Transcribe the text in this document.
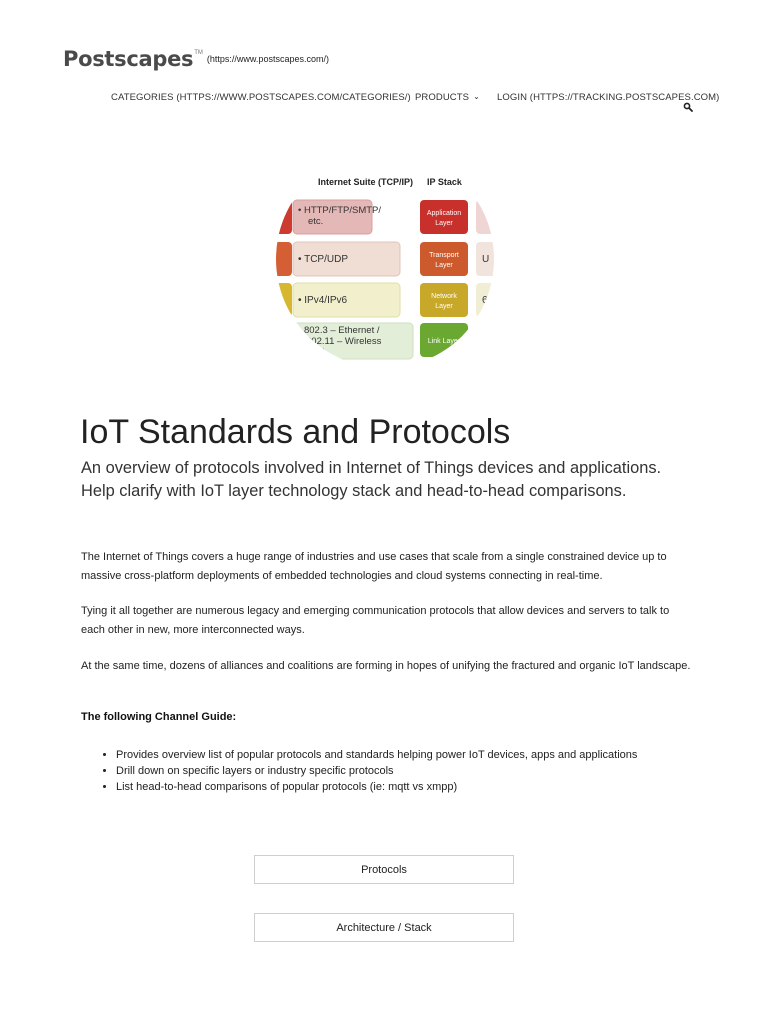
Postscapes TM
(https://www.postscapes.com/)
CATEGORIES (HTTPS://WWW.POSTSCAPES.COM/CATEGORIES/) PRODUCTS ⌄ LOGIN (HTTPS://TRACKING.POSTSCAPES.COM)
Internet Suite (TCP/IP) IP Stack
• HTTP/FTP/SMTP/
etc.
• TCP/UDP
• IPv4/IPv6
• 802.3 – Ethernet /
802.11 – Wireless
LAN
Application
Layer
Transport
Layer
Network
Layer
Link Layer
U
6
IoT Standards and Protocols
An overview of protocols involved in Internet of Things devices and applications. Help clarify with IoT layer technology stack and head-to-head comparisons.

The Internet of Things covers a huge range of industries and use cases that scale from a single constrained device up to massive cross-platform deployments of embedded technologies and cloud systems connecting in real-time.

Tying it all together are numerous legacy and emerging communication protocols that allow devices and servers to talk to each other in new, more interconnected ways.

At the same time, dozens of alliances and coalitions are forming in hopes of unifying the fractured and organic IoT landscape.

The following Channel Guide:
• Provides overview list of popular protocols and standards helping power IoT devices, apps and applications
• Drill down on specific layers or industry specific protocols
• List head-to-head comparisons of popular protocols (ie: mqtt vs xmpp)
Protocols
Architecture / Stack
